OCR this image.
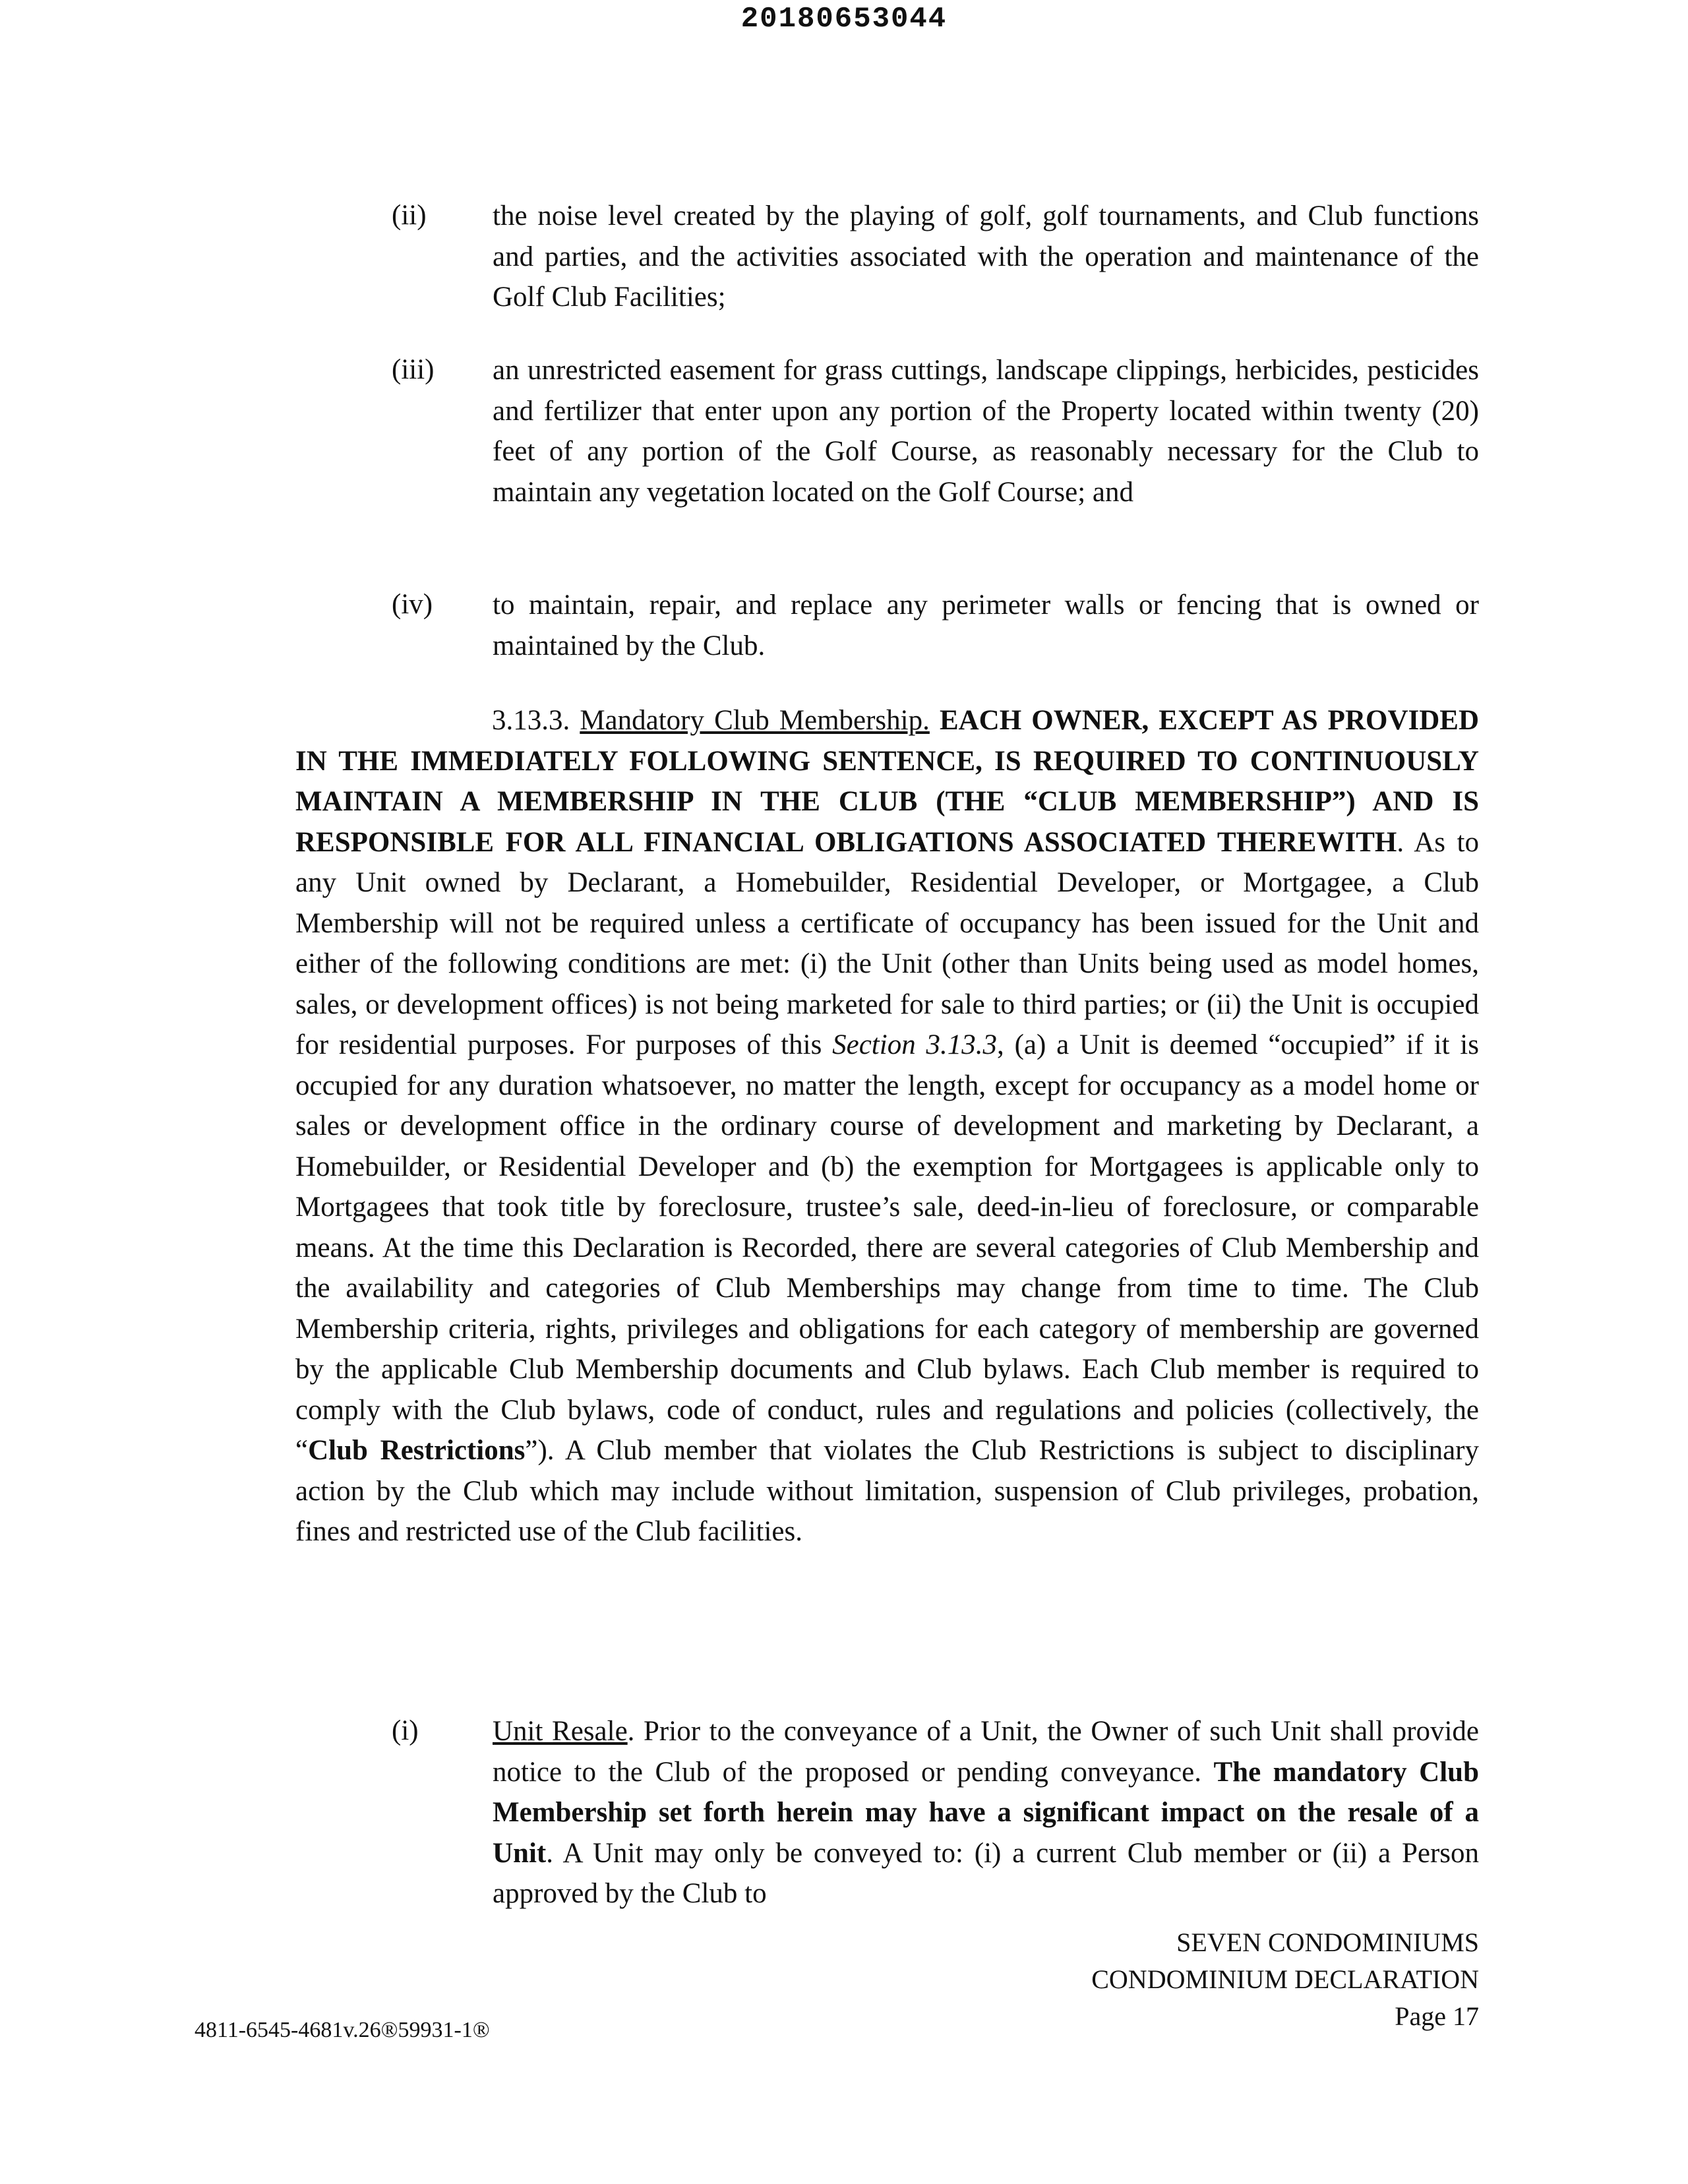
20180653044
(ii) the noise level created by the playing of golf, golf tournaments, and Club functions and parties, and the activities associated with the operation and maintenance of the Golf Club Facilities;
(iii) an unrestricted easement for grass cuttings, landscape clippings, herbicides, pesticides and fertilizer that enter upon any portion of the Property located within twenty (20) feet of any portion of the Golf Course, as reasonably necessary for the Club to maintain any vegetation located on the Golf Course; and
(iv) to maintain, repair, and replace any perimeter walls or fencing that is owned or maintained by the Club.
3.13.3. Mandatory Club Membership. EACH OWNER, EXCEPT AS PROVIDED IN THE IMMEDIATELY FOLLOWING SENTENCE, IS REQUIRED TO CONTINUOUSLY MAINTAIN A MEMBERSHIP IN THE CLUB (THE “CLUB MEMBERSHIP”) AND IS RESPONSIBLE FOR ALL FINANCIAL OBLIGATIONS ASSOCIATED THEREWITH. As to any Unit owned by Declarant, a Homebuilder, Residential Developer, or Mortgagee, a Club Membership will not be required unless a certificate of occupancy has been issued for the Unit and either of the following conditions are met: (i) the Unit (other than Units being used as model homes, sales, or development offices) is not being marketed for sale to third parties; or (ii) the Unit is occupied for residential purposes. For purposes of this Section 3.13.3, (a) a Unit is deemed “occupied” if it is occupied for any duration whatsoever, no matter the length, except for occupancy as a model home or sales or development office in the ordinary course of development and marketing by Declarant, a Homebuilder, or Residential Developer and (b) the exemption for Mortgagees is applicable only to Mortgagees that took title by foreclosure, trustee’s sale, deed-in-lieu of foreclosure, or comparable means. At the time this Declaration is Recorded, there are several categories of Club Membership and the availability and categories of Club Memberships may change from time to time. The Club Membership criteria, rights, privileges and obligations for each category of membership are governed by the applicable Club Membership documents and Club bylaws. Each Club member is required to comply with the Club bylaws, code of conduct, rules and regulations and policies (collectively, the “Club Restrictions”). A Club member that violates the Club Restrictions is subject to disciplinary action by the Club which may include without limitation, suspension of Club privileges, probation, fines and restricted use of the Club facilities.
(i)	Unit Resale. Prior to the conveyance of a Unit, the Owner of such Unit shall provide notice to the Club of the proposed or pending conveyance. The mandatory Club Membership set forth herein may have a significant impact on the resale of a Unit. A Unit may only be conveyed to: (i) a current Club member or (ii) a Person approved by the Club to
SEVEN CONDOMINIUMS
CONDOMINIUM DECLARATION
Page 17
4811-6545-4681v.26®59931-1®
